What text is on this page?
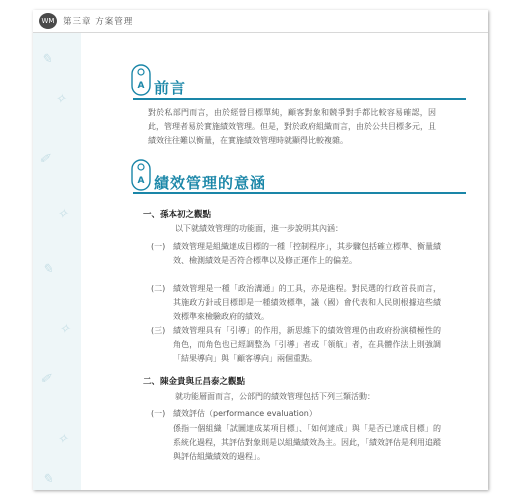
✎
✧
✐
✧
✎
✧
✐
✧
✎
WM 第三章 方案管理
A 前言
對於私部門而言，由於經營目標單純，顧客對象和競爭對手都比較容易確認，因此，管理者易於實施績效管理。但是，對於政府組織而言，由於公共目標多元，且績效往往難以衡量，在實施績效管理時就顯得比較複雜。
A 績效管理的意涵
一、孫本初之觀點
以下就績效管理的功能面，進一步說明其內涵：
(一) 績效管理是組織達成目標的一種「控制程序」，其步驟包括確立標準、衡量績效、檢測績效是否符合標準以及修正運作上的偏差。
(二) 績效管理是一種「政治溝通」的工具，亦是進程。對民選的行政首長而言，其施政方針或目標即是一種績效標準，議（國）會代表和人民則根據這些績效標準來檢驗政府的績效。
(三) 績效管理具有「引導」的作用，新思維下的績效管理仍由政府扮演積極性的角色，而角色也已經調整為「引導」者或「領航」者，在具體作法上則強調「結果導向」與「顧客導向」兩個重點。
二、陳金貴與丘昌泰之觀點
就功能層面而言，公部門的績效管理包括下列三類活動：
(一) 績效評估（performance evaluation）
係指一個組織「試圖達成某項目標」、「如何達成」與「是否已達成目標」的系統化過程，其評估對象則是以組織績效為主。因此，「績效評估是利用追蹤與評估組織績效的過程」。
